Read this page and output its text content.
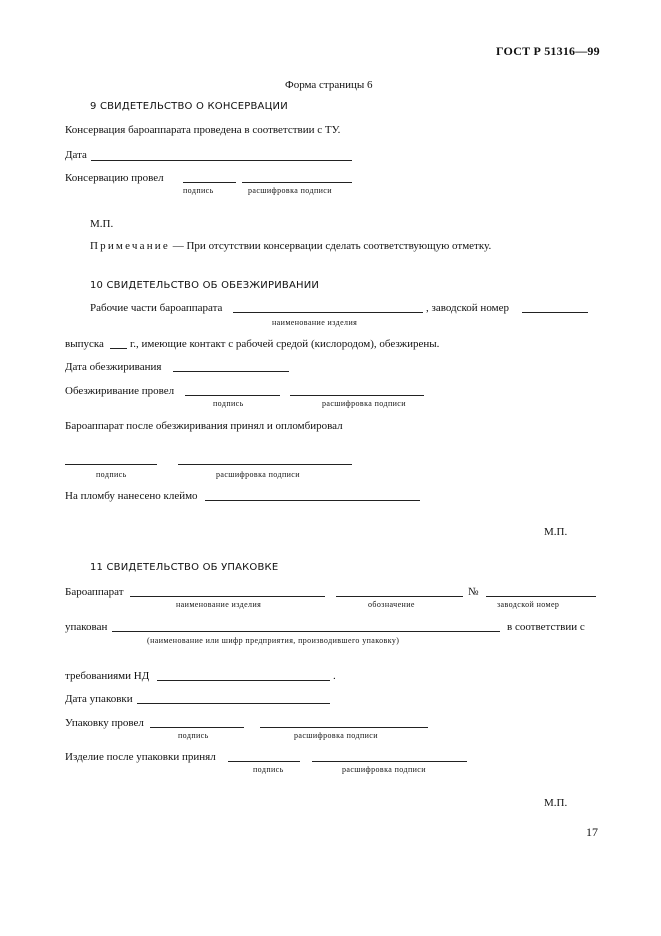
ГОСТ Р 51316—99
Форма страницы 6
9 СВИДЕТЕЛЬСТВО О КОНСЕРВАЦИИ
Консервация бароаппарата проведена в соответствии с ТУ.
Дата
Консервацию провел
подпись	расшифровка подписи
М.П.
Примечание — При отсутствии консервации сделать соответствующую отметку.
10 СВИДЕТЕЛЬСТВО ОБ ОБЕЗЖИРИВАНИИ
Рабочие части бароаппарата	, заводской номер
наименование изделия
выпуска г., имеющие контакт с рабочей средой (кислородом), обезжирены.
Дата обезжиривания
Обезжиривание провел
подпись	расшифровка подписи
Бароаппарат после обезжиривания принял и опломбировал
подпись	расшифровка подписи
На пломбу нанесено клеймо
М.П.
11 СВИДЕТЕЛЬСТВО ОБ УПАКОВКЕ
Бароаппарат	№
наименование изделия	обозначение	заводской номер
упакован	в соответствии с
(наименование или шифр предприятия, производившего упаковку)
требованиями НД	.
Дата упаковки
Упаковку провел
подпись	расшифровка подписи
Изделие после упаковки принял
подпись	расшифровка подписи
М.П.
17
